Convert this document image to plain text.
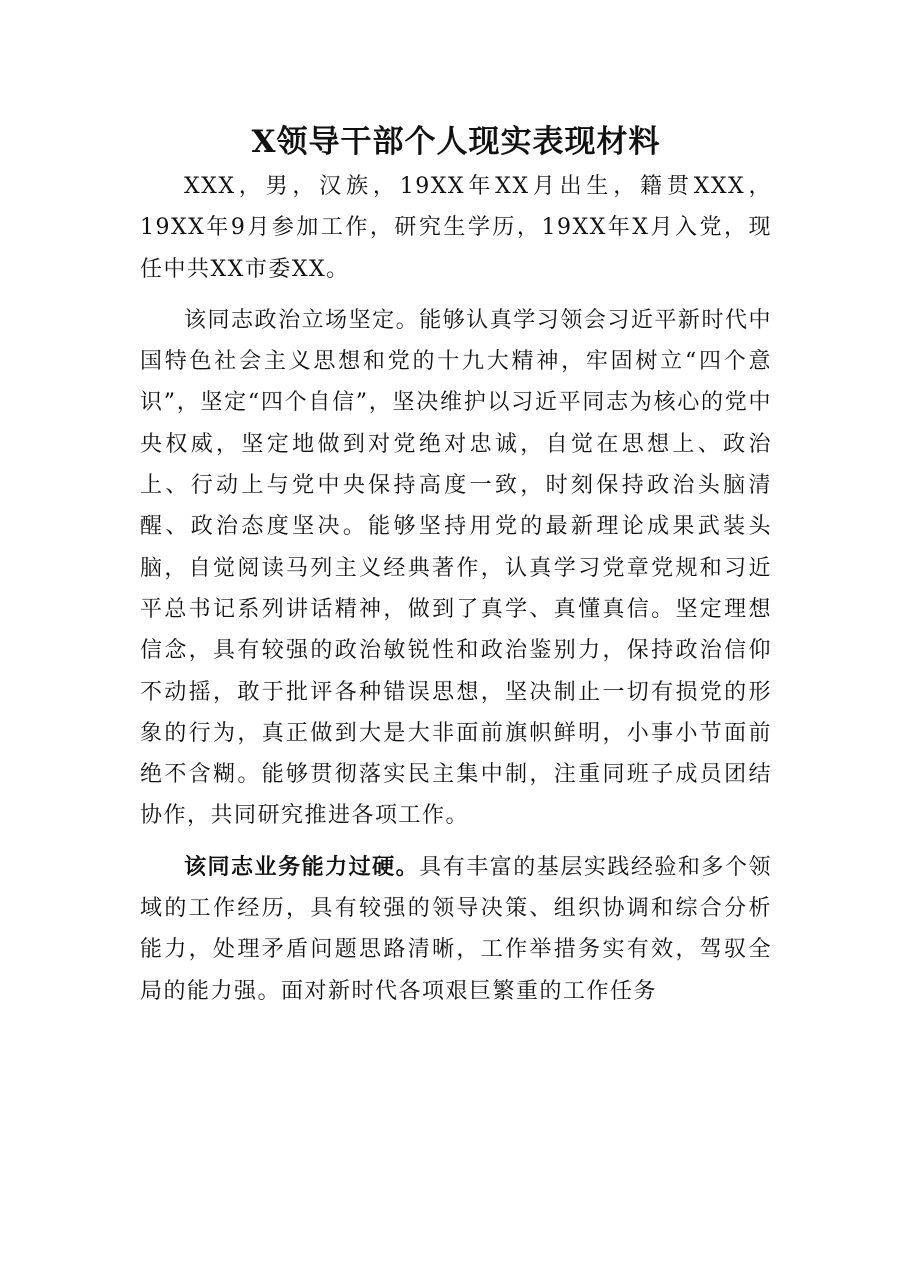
X领导干部个人现实表现材料

XXX，男，汉族，19XX年XX月出生，籍贯XXX，19XX年9月参加工作，研究生学历，19XX年X月入党，现任中共XX市委XX。

该同志政治立场坚定。能够认真学习领会习近平新时代中国特色社会主义思想和党的十九大精神，牢固树立“四个意识”，坚定“四个自信”，坚决维护以习近平同志为核心的党中央权威，坚定地做到对党绝对忠诚，自觉在思想上、政治上、行动上与党中央保持高度一致，时刻保持政治头脑清醒、政治态度坚决。能够坚持用党的最新理论成果武装头脑，自觉阅读马列主义经典著作，认真学习党章党规和习近平总书记系列讲话精神，做到了真学、真懂真信。坚定理想信念，具有较强的政治敏锐性和政治鉴别力，保持政治信仰不动摇，敢于批评各种错误思想，坚决制止一切有损党的形象的行为，真正做到大是大非面前旗帜鲜明，小事小节面前绝不含糊。能够贯彻落实民主集中制，注重同班子成员团结协作，共同研究推进各项工作。

该同志业务能力过硬。具有丰富的基层实践经验和多个领域的工作经历，具有较强的领导决策、组织协调和综合分析能力，处理矛盾问题思路清晰，工作举措务实有效，驾驭全局的能力强。面对新时代各项艰巨繁重的工作任务
